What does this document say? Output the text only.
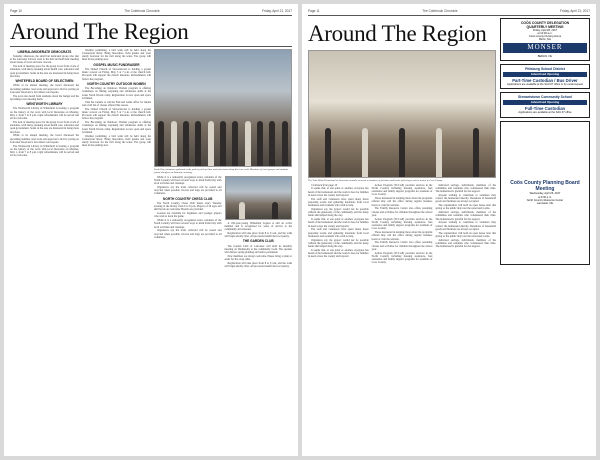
Page 10	The Colebrook Chronicle	Friday, April 21, 2017
Around The Region
LIBERAL/MODERATE DEMOCRATS

Saturday afternoon, the small but dedicated group who met at the Lancaster Library went to the hall and held their meeting about issues of local and state concern.

The lack of meeting space for the group is not from a lack of attendees, with many speaking about health care, education and open government. Some in the area are interested in being more involved.

WHITEFIELD BOARD OF SELECTMEN

While at its annual meeting, the board discussed the upcoming summer road work and approved a bid for paving on Lancaster Road and a few minor road repairs.

The town also heard from residents about the budget and the upcoming town meeting items.

WENTWORTH LIBRARY

The Wentworth Library in Whitefield is hosting a program on the history of the town with local historians on Monday, May 1, from 7 to 8 p.m. Light refreshments will be served and all are welcome.

The lack of meeting space for the group is not from a lack of attendees, with many speaking about health care, education and open government. Some in the area are interested in being more involved.

While at its annual meeting, the board discussed the upcoming summer road work and approved a bid for paving on Lancaster Road and a few minor road repairs.

The Wentworth Library in Whitefield is hosting a program on the history of the town with local historians on Monday, May 1, from 7 to 8 p.m. Light refreshments will be served and all are welcome.

Weather permitting, a bird walk will be held along the Connecticut River. Bring binoculars, field guides and wear sturdy footwear for the trail along the water. The group will meet in the parking area.

GOSPEL MUSIC FUNDRAISER

The United Church of Stewartstown is holding a gospel music concert on Friday, May 5 at 7 p.m. at the church hall. Proceeds will support the church missions. Refreshments will follow the program.

NORTH COUNTRY OUTDOOR WOMEN

The Becoming an Outdoors Woman program is offering workshops on fishing, kayaking and wilderness skills at the Great North Woods camp. Registration is now open and space is limited.

Visit the website or call the Fish and Game office for details and a full list of classes offered this season.

The United Church of Stewartstown is holding a gospel music concert on Friday, May 5 at 7 p.m. at the church hall. Proceeds will support the church missions. Refreshments will follow the program.

The Becoming an Outdoors Woman program is offering workshops on fishing, kayaking and wilderness skills at the Great North Woods camp. Registration is now open and space is limited.

Weather permitting, a bird walk will be held along the Connecticut River. Bring binoculars, field guides and wear sturdy footwear for the trail along the water. The group will meet in the parking area.

Earth Day volunteers gathered at the park to pick up litter and plant trees along the river walk. Members of local groups and students joined the effort on Saturday morning.

While it is a nationally recognized event, residents of the North Country will have several ways to mark Earth Day with local activities and cleanups.

Organizers say the trash collected will be sorted and recycled when possible. Gloves and bags are provided to all volunteers.

NORTH COUNTRY CHESS CLUB

The North Country Chess Club meets every Tuesday evening at the library from 6 to 8 p.m. Players of all ages and skill levels are welcome. Boards are provided.

Lessons are available for beginners and younger players who wish to learn the game.

While it is a nationally recognized event, residents of the North Country will have several ways to mark Earth Day with local activities and cleanups.

Organizers say the trash collected will be sorted and recycled when possible. Gloves and bags are provided to all volunteers.

A 100-year-young Whitefield Legion is still an active member and is recognized for years of service to the community and veterans.

Registration will take place from 8 to 9 a.m. and the walk will begin shortly after. All proceeds benefit the food pantry.

THE GARDEN CLUB

The Garden Club of Lancaster will hold its monthly meeting on Wednesday at the community room. The speaker will discuss spring planting and native perennials.

New members are always welcome. Please bring a plant or seeds for the swap table.

Registration will take place from 8 to 9 a.m. and the walk will begin shortly after. All proceeds benefit the food pantry.

Page 11	The Colebrook Chronicle	Friday, April 21, 2017
Around The Region

The Tyler Blain Homestead in Lancaster recently received a donation of furniture and books following a call to action in Coos County.

Continued from page 10

It seems that, at one point or another, everyone has heard of the homestead and the work it does for families in need across the county and beyond.

The staff and volunteers have spent many hours preparing rooms and gathering donations from local businesses and residents who wish to help.

Organizers say the project would not be possible without the generosity of the community and the many hands that helped along the way.

It seems that, at one point or another, everyone has heard of the homestead and the work it does for families in need across the county and beyond.

The staff and volunteers have spent many hours preparing rooms and gathering donations from local businesses and residents who wish to help.

Organizers say the project would not be possible without the generosity of the community and the many hands that helped along the way.

It seems that, at one point or another, everyone has heard of the homestead and the work it does for families in need across the county and beyond.

Action Program (TCCAP) provides services in the North Country including housing assistance, fuel assistance and family support programs for residents of Coos County.

Those interested in learning more about the programs offered may call the office during regular business hours or visit the website.

The Family Resource Center also offers parenting classes and activities for children throughout the school year.

Action Program (TCCAP) provides services in the North Country including housing assistance, fuel assistance and family support programs for residents of Coos County.

Those interested in learning more about the programs offered may call the office during regular business hours or visit the website.

The Family Resource Center also offers parenting classes and activities for children throughout the school year.

Action Program (TCCAP) provides services in the North Country including housing assistance, fuel assistance and family support programs for residents of Coos County.

dedicated savings, individuals, members of the committee and residents who volunteered their time. The homestead is grateful for the support.

Anyone wishing to contribute or volunteer may contact the homestead directly. Donations of household goods and furniture are always accepted.

The organization will hold an open house later this spring so the public may tour the renovated rooms.

dedicated savings, individuals, members of the committee and residents who volunteered their time. The homestead is grateful for the support.

Anyone wishing to contribute or volunteer may contact the homestead directly. Donations of household goods and furniture are always accepted.

The organization will hold an open house later this spring so the public may tour the renovated rooms.

dedicated savings, individuals, members of the committee and residents who volunteered their time. The homestead is grateful for the support.

COÖS COUNTY DELEGATION
QUARTERLY MEETING
Friday, April 28, 2017
at 10:00 a.m.
Coös County Nursing Home
Berlin, NH
MONSER
BERLIN, NH
Pittsburg School District
Advertised Opening
Part-Time Custodian / Bus Driver
Applications are available at the SAU #7 office or by email request
Stewartstown Community School
Advertised Opening
Full-Time Custodian
Applications are available at the SAU #7 office
Coös County Planning Board
Meeting
Wednesday, April 26, 2017
at 6:00 p.m.
North Country Resource Center
Lancaster, NH
